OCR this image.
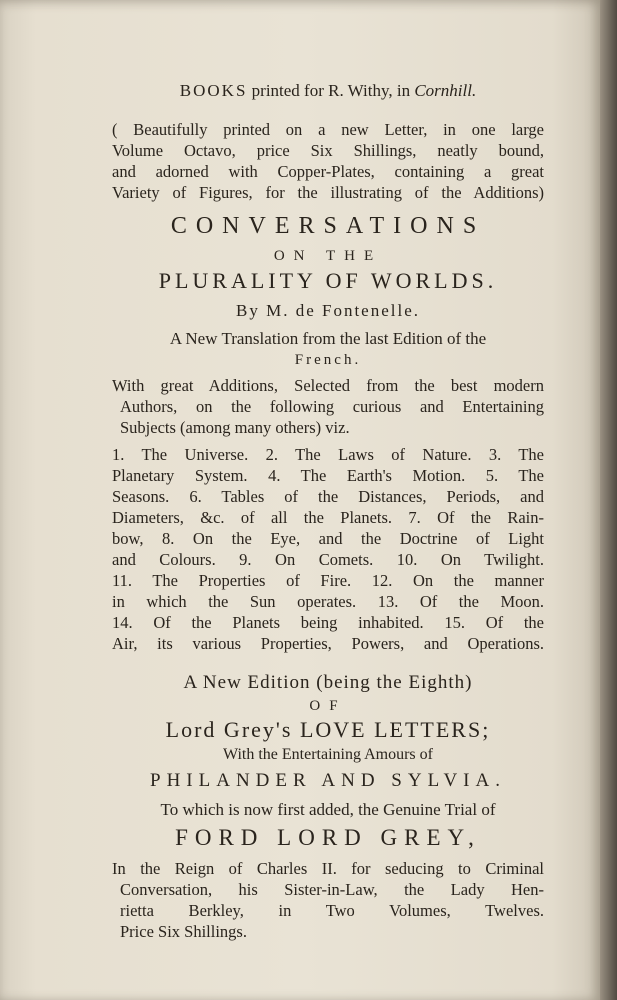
BOOKS printed for R. Withy, in Cornhill.
( Beautifully printed on a new Letter, in one large
Volume Octavo, price Six Shillings, neatly bound,
and adorned with Copper-Plates, containing a great
Variety of Figures, for the illustrating of the Additions)
CONVERSATIONS
ON THE
PLURALITY OF WORLDS.
By M. de Fontenelle.
A New Translation from the last Edition of the
French.
With great Additions, Selected from the best modern
Authors, on the following curious and Entertaining
Subjects (among many others) viz.
1. The Universe. 2. The Laws of Nature. 3. The
Planetary System. 4. The Earth's Motion. 5. The
Seasons. 6. Tables of the Distances, Periods, and
Diameters, &c. of all the Planets. 7. Of the Rain-
bow, 8. On the Eye, and the Doctrine of Light
and Colours. 9. On Comets. 10. On Twilight.
11. The Properties of Fire. 12. On the manner
in which the Sun operates. 13. Of the Moon.
14. Of the Planets being inhabited. 15. Of the
Air, its various Properties, Powers, and Operations.
A New Edition (being the Eighth)
OF
Lord Grey's LOVE LETTERS;
With the Entertaining Amours of
PHILANDER AND SYLVIA.
To which is now first added, the Genuine Trial of
FORD LORD GREY,
In the Reign of Charles II. for seducing to Criminal
Conversation, his Sister-in-Law, the Lady Hen-
rietta Berkley, in Two Volumes, Twelves.
Price Six Shillings.
